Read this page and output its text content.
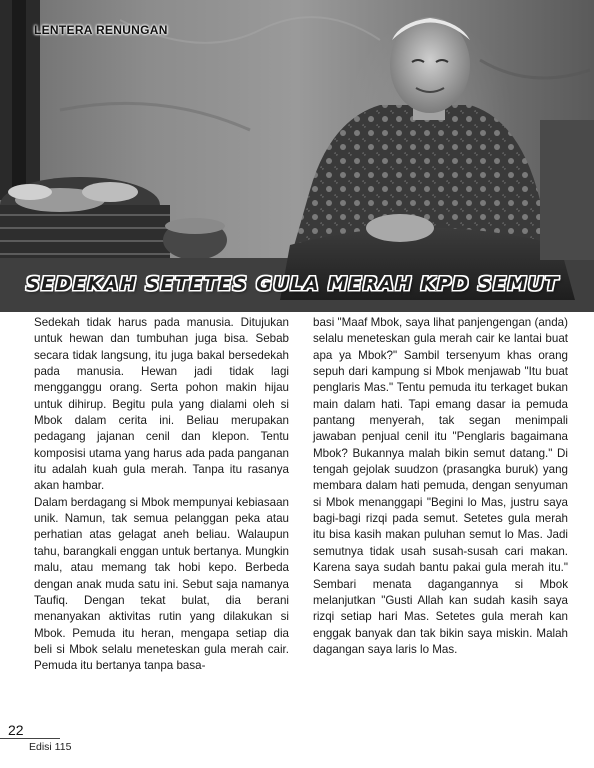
LENTERA RENUNGAN
SEDEKAH SETETES GULA MERAH KPD SEMUT

Sedekah tidak harus pada manusia. Ditujukan untuk hewan dan tumbuhan juga bisa. Sebab secara tidak langsung, itu juga bakal bersedekah pada manusia. Hewan jadi tidak lagi mengganggu orang. Serta pohon makin hijau untuk dihirup. Begitu pula yang dialami oleh si Mbok dalam cerita ini. Beliau merupakan pedagang jajanan cenil dan klepon. Tentu komposisi utama yang harus ada pada panganan itu adalah kuah gula merah. Tanpa itu rasanya akan hambar.

Dalam berdagang si Mbok mempunyai kebiasaan unik. Namun, tak semua pelanggan peka atau perhatian atas gelagat aneh beliau. Walaupun tahu, barangkali enggan untuk bertanya. Mungkin malu, atau memang tak hobi kepo. Berbeda dengan anak muda satu ini. Sebut saja namanya Taufiq. Dengan tekat bulat, dia berani menanyakan aktivitas rutin yang dilakukan si Mbok. Pemuda itu heran, mengapa setiap dia beli si Mbok selalu meneteskan gula merah cair. Pemuda itu bertanya tanpa basa-

basi "Maaf Mbok, saya lihat panjengengan (anda) selalu meneteskan gula merah cair ke lantai buat apa ya Mbok?" Sambil tersenyum khas orang sepuh dari kampung si Mbok menjawab "Itu buat penglaris Mas." Tentu pemuda itu terkaget bukan main dalam hati. Tapi emang dasar ia pemuda pantang menyerah, tak segan menimpali jawaban penjual cenil itu "Penglaris bagaimana Mbok? Bukannya malah bikin semut datang." Di tengah gejolak suudzon (prasangka buruk) yang membara dalam hati pemuda, dengan senyuman si Mbok menanggapi "Begini lo Mas, justru saya bagi-bagi rizqi pada semut. Setetes gula merah itu bisa kasih makan puluhan semut lo Mas. Jadi semutnya tidak usah susah-susah cari makan. Karena saya sudah bantu pakai gula merah itu." Sembari menata dagangannya si Mbok melanjutkan "Gusti Allah kan sudah kasih saya rizqi setiap hari Mas. Setetes gula merah kan enggak banyak dan tak bikin saya miskin. Malah dagangan saya laris lo Mas.

22
Edisi 115
